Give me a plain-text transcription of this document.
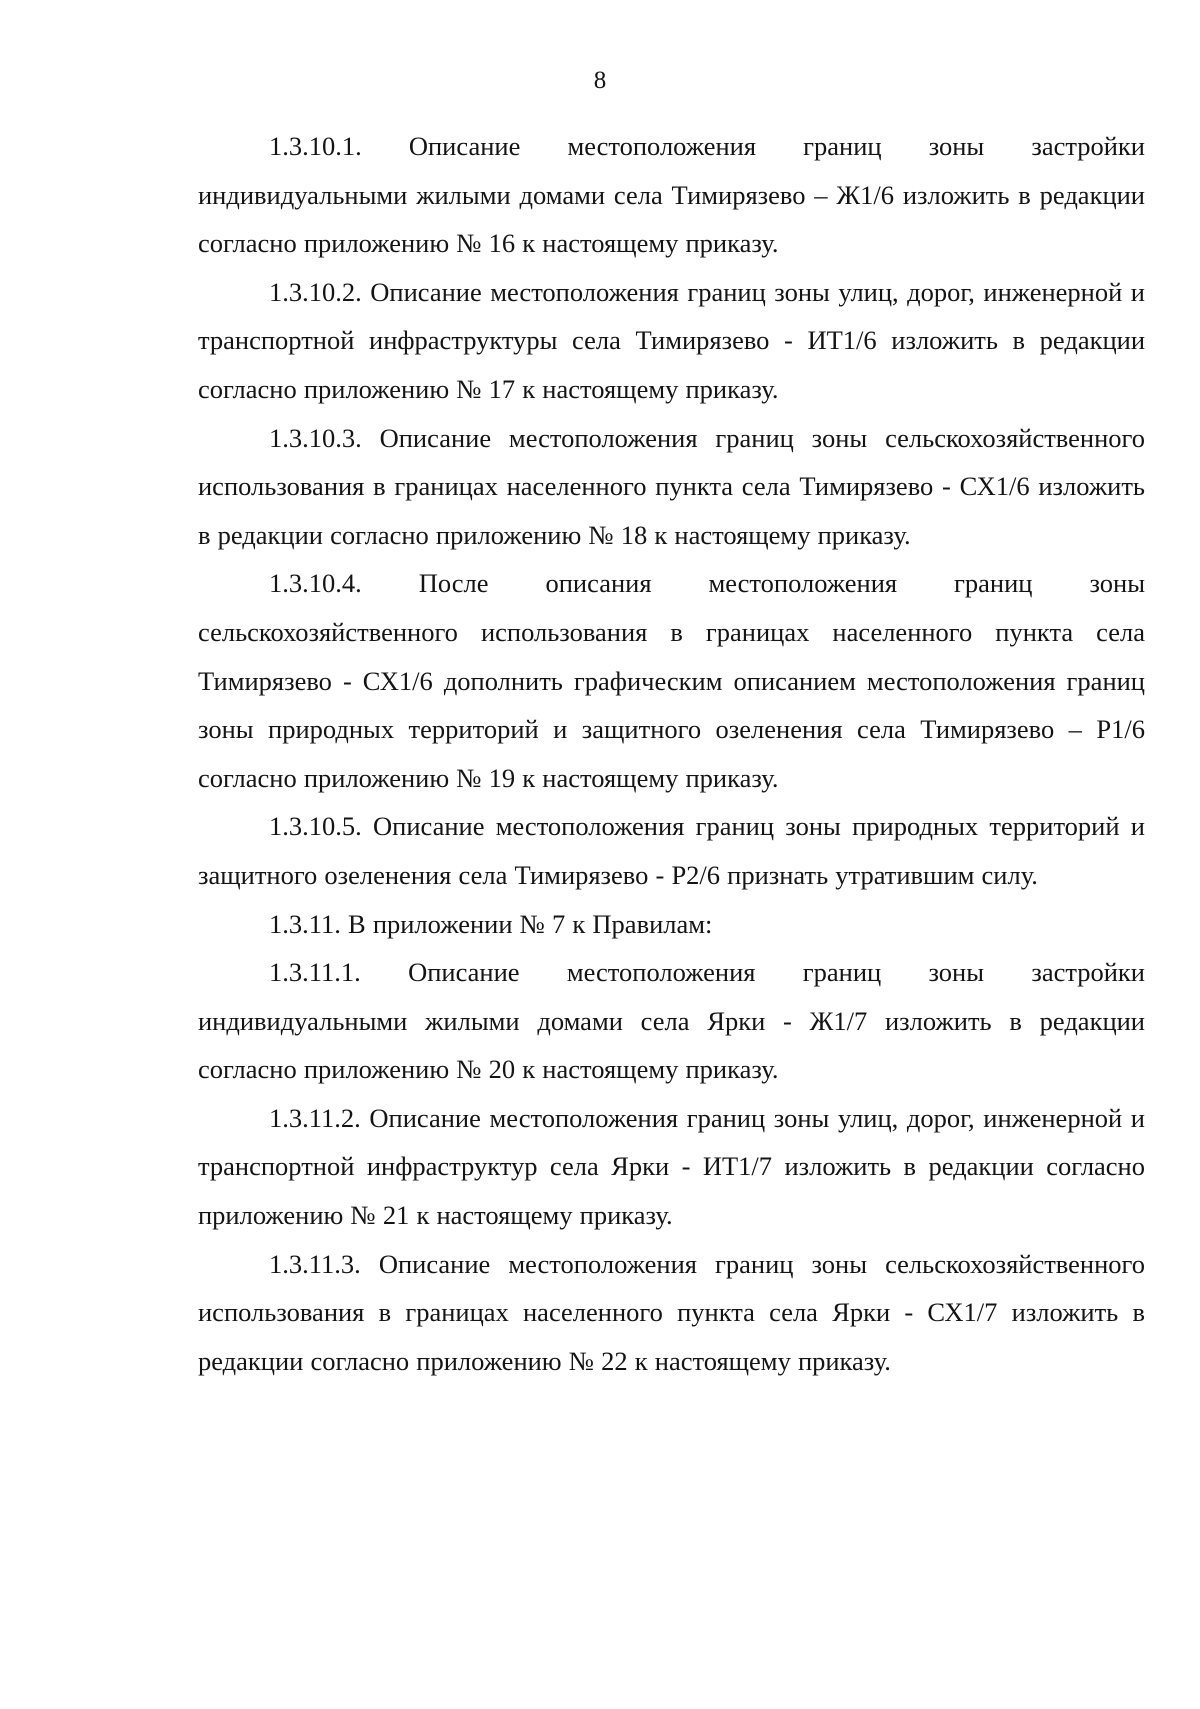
8

1.3.10.1. Описание местоположения границ зоны застройки индивидуальными жилыми домами села Тимирязево – Ж1/6 изложить в редакции согласно приложению № 16 к настоящему приказу.

1.3.10.2. Описание местоположения границ зоны улиц, дорог, инженерной и транспортной инфраструктуры села Тимирязево - ИТ1/6 изложить в редакции согласно приложению № 17 к настоящему приказу.

1.3.10.3. Описание местоположения границ зоны сельскохозяйственного использования в границах населенного пункта села Тимирязево - СХ1/6 изложить в редакции согласно приложению № 18 к настоящему приказу.

1.3.10.4. После описания местоположения границ зоны сельскохозяйственного использования в границах населенного пункта села Тимирязево - СХ1/6 дополнить графическим описанием местоположения границ зоны природных территорий и защитного озеленения села Тимирязево – Р1/6 согласно приложению № 19 к настоящему приказу.

1.3.10.5. Описание местоположения границ зоны природных территорий и защитного озеленения села Тимирязево - Р2/6 признать утратившим силу.

1.3.11. В приложении № 7 к Правилам:

1.3.11.1. Описание местоположения границ зоны застройки индивидуальными жилыми домами села Ярки - Ж1/7 изложить в редакции согласно приложению № 20 к настоящему приказу.

1.3.11.2. Описание местоположения границ зоны улиц, дорог, инженерной и транспортной инфраструктур села Ярки - ИТ1/7 изложить в редакции согласно приложению № 21 к настоящему приказу.

1.3.11.3. Описание местоположения границ зоны сельскохозяйственного использования в границах населенного пункта села Ярки - СХ1/7 изложить в редакции согласно приложению № 22 к настоящему приказу.
